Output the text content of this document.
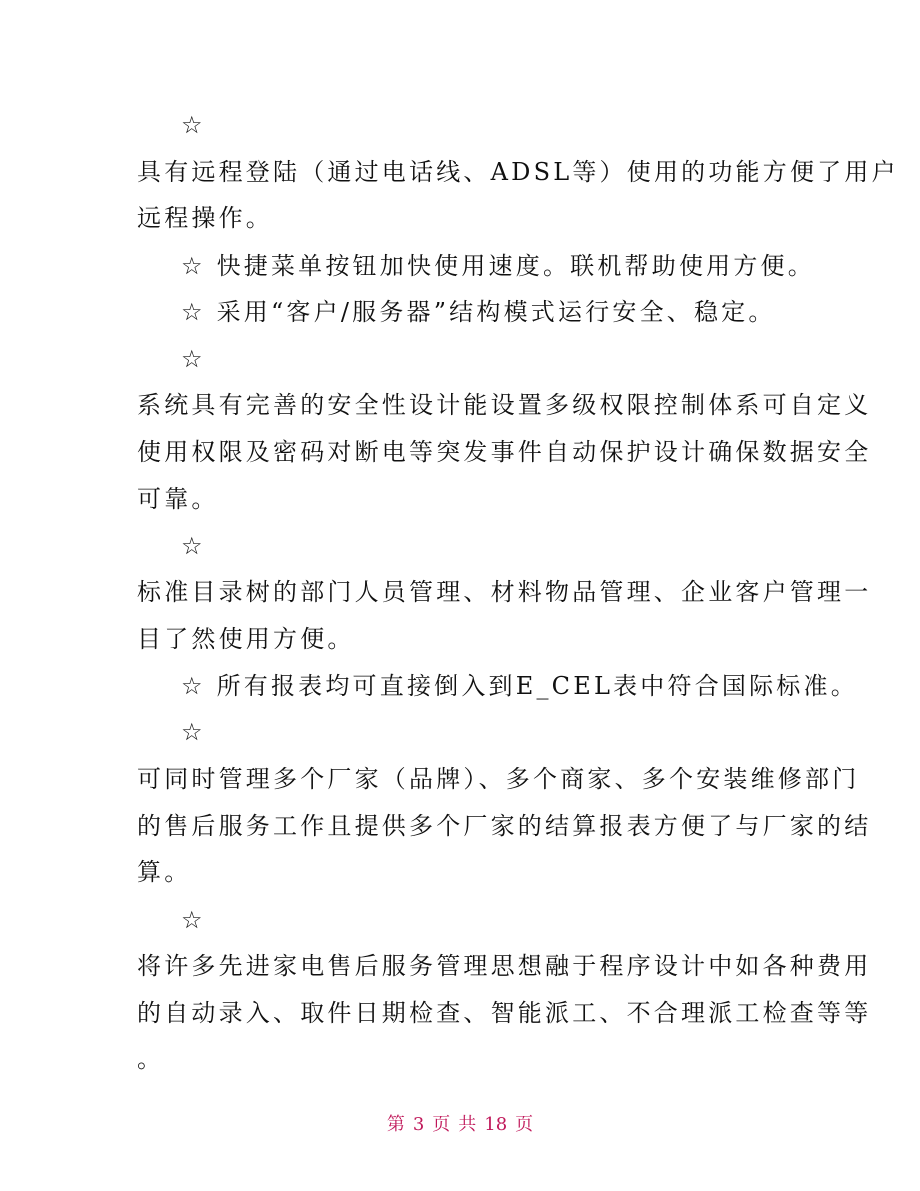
☆
具有远程登陆（通过电话线、ADSL等）使用的功能方便了用户
远程操作。
☆ 快捷菜单按钮加快使用速度。联机帮助使用方便。
☆ 采用“客户/服务器”结构模式运行安全、稳定。
☆
系统具有完善的安全性设计能设置多级权限控制体系可自定义
使用权限及密码对断电等突发事件自动保护设计确保数据安全
可靠。
☆
标准目录树的部门人员管理、材料物品管理、企业客户管理一
目了然使用方便。
☆ 所有报表均可直接倒入到E_CEL表中符合国际标准。
☆
可同时管理多个厂家（品牌）、多个商家、多个安装维修部门
的售后服务工作且提供多个厂家的结算报表方便了与厂家的结
算。
☆
将许多先进家电售后服务管理思想融于程序设计中如各种费用
的自动录入、取件日期检查、智能派工、不合理派工检查等等
。
第 3 页 共 18 页
